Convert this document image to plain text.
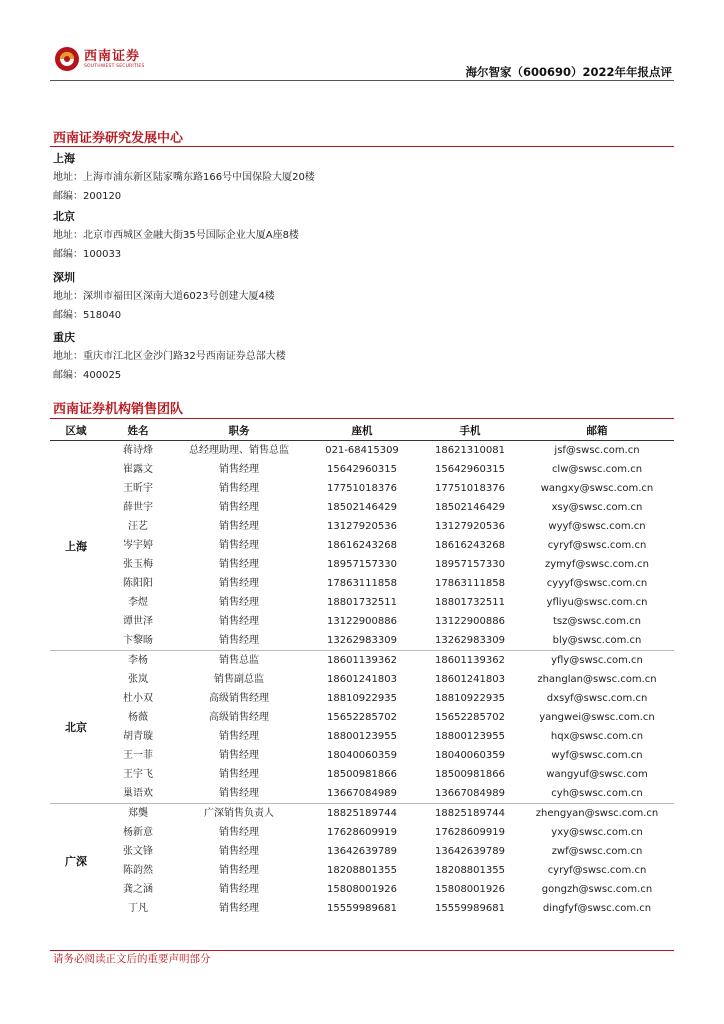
西南证券
SOUTHWEST SECURITIES	海尔智家（600690）2022年年报点评
西南证券研究发展中心
上海
地址：上海市浦东新区陆家嘴东路166号中国保险大厦20楼
邮编：200120
北京
地址：北京市西城区金融大街35号国际企业大厦A座8楼
邮编：100033
深圳
地址：深圳市福田区深南大道6023号创建大厦4楼
邮编：518040
重庆
地址：重庆市江北区金沙门路32号西南证券总部大楼
邮编：400025
西南证券机构销售团队
区域	姓名	职务	座机	手机	邮箱
上海
蒋诗烽	总经理助理、销售总监	021-68415309	18621310081	jsf@swsc.com.cn
崔露文	销售经理	15642960315	15642960315	clw@swsc.com.cn
王昕宇	销售经理	17751018376	17751018376	wangxy@swsc.com.cn
薛世宇	销售经理	18502146429	18502146429	xsy@swsc.com.cn
汪艺	销售经理	13127920536	13127920536	wyyf@swsc.com.cn
岑宇婷	销售经理	18616243268	18616243268	cyryf@swsc.com.cn
张玉梅	销售经理	18957157330	18957157330	zymyf@swsc.com.cn
陈阳阳	销售经理	17863111858	17863111858	cyyyf@swsc.com.cn
李煜	销售经理	18801732511	18801732511	yfliyu@swsc.com.cn
谭世泽	销售经理	13122900886	13122900886	tsz@swsc.com.cn
卞黎旸	销售经理	13262983309	13262983309	bly@swsc.com.cn
北京
李杨	销售总监	18601139362	18601139362	yfly@swsc.com.cn
张岚	销售副总监	18601241803	18601241803	zhanglan@swsc.com.cn
杜小双	高级销售经理	18810922935	18810922935	dxsyf@swsc.com.cn
杨薇	高级销售经理	15652285702	15652285702	yangwei@swsc.com.cn
胡青璇	销售经理	18800123955	18800123955	hqx@swsc.com.cn
王一菲	销售经理	18040060359	18040060359	wyf@swsc.com.cn
王宇飞	销售经理	18500981866	18500981866	wangyuf@swsc.com
巢语欢	销售经理	13667084989	13667084989	cyh@swsc.com.cn
广深
郑龑	广深销售负责人	18825189744	18825189744	zhengyan@swsc.com.cn
杨新意	销售经理	17628609919	17628609919	yxy@swsc.com.cn
张文锋	销售经理	13642639789	13642639789	zwf@swsc.com.cn
陈韵然	销售经理	18208801355	18208801355	cyryf@swsc.com.cn
龚之涵	销售经理	15808001926	15808001926	gongzh@swsc.com.cn
丁凡	销售经理	15559989681	15559989681	dingfyf@swsc.com.cn
请务必阅读正文后的重要声明部分
